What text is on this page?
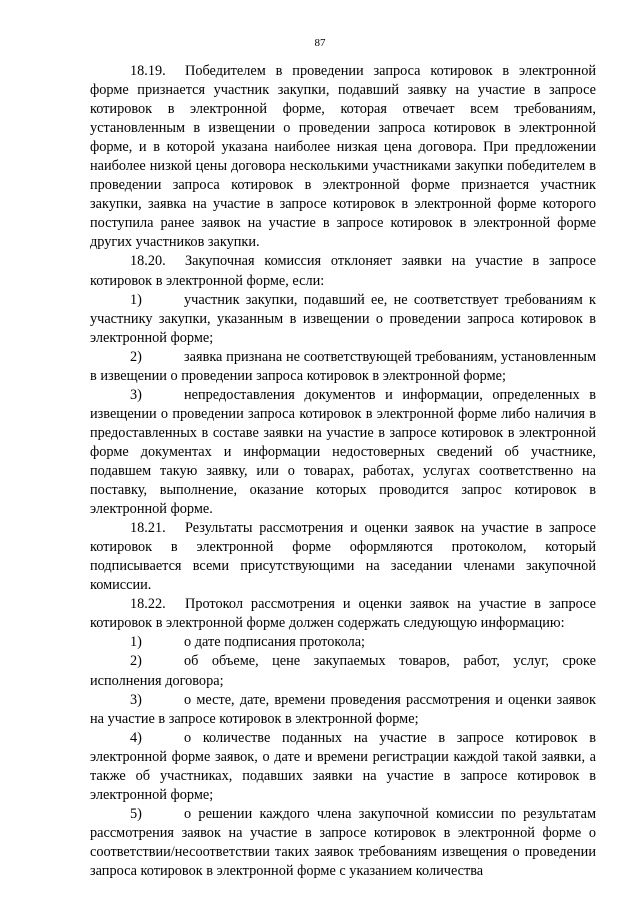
87

18.19. Победителем в проведении запроса котировок в электронной форме признается участник закупки, подавший заявку на участие в запросе котировок в электронной форме, которая отвечает всем требованиям, установленным в извещении о проведении запроса котировок в электронной форме, и в которой указана наиболее низкая цена договора. При предложении наиболее низкой цены договора несколькими участниками закупки победителем в проведении запроса котировок в электронной форме признается участник закупки, заявка на участие в запросе котировок в электронной форме которого поступила ранее заявок на участие в запросе котировок в электронной форме других участников закупки.

18.20. Закупочная комиссия отклоняет заявки на участие в запросе котировок в электронной форме, если:

1)	участник закупки, подавший ее, не соответствует требованиям к участнику закупки, указанным в извещении о проведении запроса котировок в электронной форме;

2)	заявка признана не соответствующей требованиям, установленным в извещении о проведении запроса котировок в электронной форме;

3)	непредоставления документов и информации, определенных в извещении о проведении запроса котировок в электронной форме либо наличия в предоставленных в составе заявки на участие в запросе котировок в электронной форме документах и информации недостоверных сведений об участнике, подавшем такую заявку, или о товарах, работах, услугах соответственно на поставку, выполнение, оказание которых проводится запрос котировок в электронной форме.

18.21. Результаты рассмотрения и оценки заявок на участие в запросе котировок в электронной форме оформляются протоколом, который подписывается всеми присутствующими на заседании членами закупочной комиссии.

18.22. Протокол рассмотрения и оценки заявок на участие в запросе котировок в электронной форме должен содержать следующую информацию:

1)	о дате подписания протокола;

2)	об объеме, цене закупаемых товаров, работ, услуг, сроке исполнения договора;

3)	о месте, дате, времени проведения рассмотрения и оценки заявок на участие в запросе котировок в электронной форме;

4)	о количестве поданных на участие в запросе котировок в электронной форме заявок, о дате и времени регистрации каждой такой заявки, а также об участниках, подавших заявки на участие в запросе котировок в электронной форме;

5)	о решении каждого члена закупочной комиссии по результатам рассмотрения заявок на участие в запросе котировок в электронной форме о соответствии/несоответствии таких заявок требованиям извещения о проведении запроса котировок в электронной форме с указанием количества
